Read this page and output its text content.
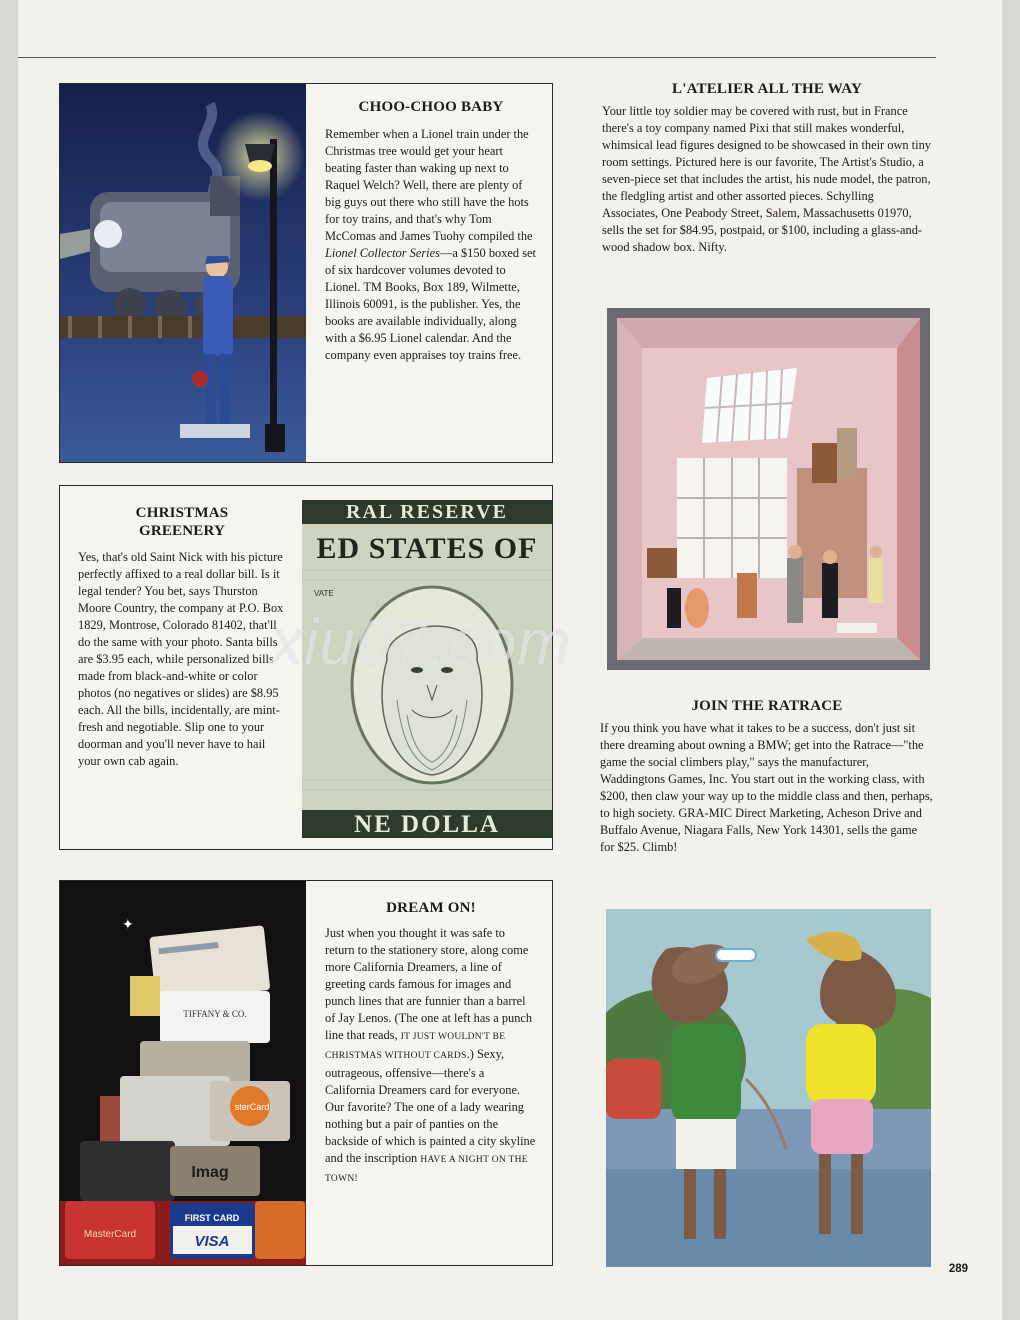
CHOO-CHOO BABY

Remember when a Lionel train under the Christmas tree would get your heart beating faster than waking up next to Raquel Welch? Well, there are plenty of big guys out there who still have the hots for toy trains, and that's why Tom McComas and James Tuohy compiled the Lionel Collector Series—a $150 boxed set of six hardcover volumes devoted to Lionel. TM Books, Box 189, Wilmette, Illinois 60091, is the publisher. Yes, the books are available individually, along with a $6.95 Lionel calendar. And the company even appraises toy trains free.

CHRISTMAS
GREENERY

Yes, that's old Saint Nick with his picture perfectly affixed to a real dollar bill. Is it legal tender? You bet, says Thurston Moore Country, the company at P.O. Box 1829, Montrose, Colorado 81402, that'll do the same with your photo. Santa bills are $3.95 each, while personalized bills made from black-and-white or color photos (no negatives or slides) are $8.95 each. All the bills, incidentally, are mint-fresh and negotiable. Slip one to your doorman and you'll never have to hail your own cab again.

RAL RESERVE
ED STATES OF
VATE
NE DOLLA
TIFFANY & CO.
sterCard
Imag
MasterCard
FIRST CARD
VISA
✦
DREAM ON!

Just when you thought it was safe to return to the stationery store, along come more California Dreamers, a line of greeting cards famous for images and punch lines that are funnier than a barrel of Jay Lenos. (The one at left has a punch line that reads, IT JUST WOULDN'T BE CHRISTMAS WITHOUT CARDS.) Sexy, outrageous, offensive—there's a California Dreamers card for everyone. Our favorite? The one of a lady wearing nothing but a pair of panties on the backside of which is painted a city skyline and the inscription HAVE A NIGHT ON THE TOWN!

L'ATELIER ALL THE WAY

Your little toy soldier may be covered with rust, but in France there's a toy company named Pixi that still makes wonderful, whimsical lead figures designed to be showcased in their own tiny room settings. Pictured here is our favorite, The Artist's Studio, a seven-piece set that includes the artist, his nude model, the patron, the fledgling artist and other assorted pieces. Schylling Associates, One Peabody Street, Salem, Massachusetts 01970, sells the set for $84.95, postpaid, or $100, including a glass-and-wood shadow box. Nifty.

JOIN THE RATRACE

If you think you have what it takes to be a success, don't just sit there dreaming about owning a BMW; get into the Ratrace—"the game the social climbers play," says the manufacturer, Waddingtons Games, Inc. You start out in the working class, with $200, then claw your way up to the middle class and then, perhaps, to high society. GRA-MIC Direct Marketing, Acheson Drive and Buffalo Avenue, Niagara Falls, New York 14301, sells the game for $25. Climb!

xiu07.com
289
